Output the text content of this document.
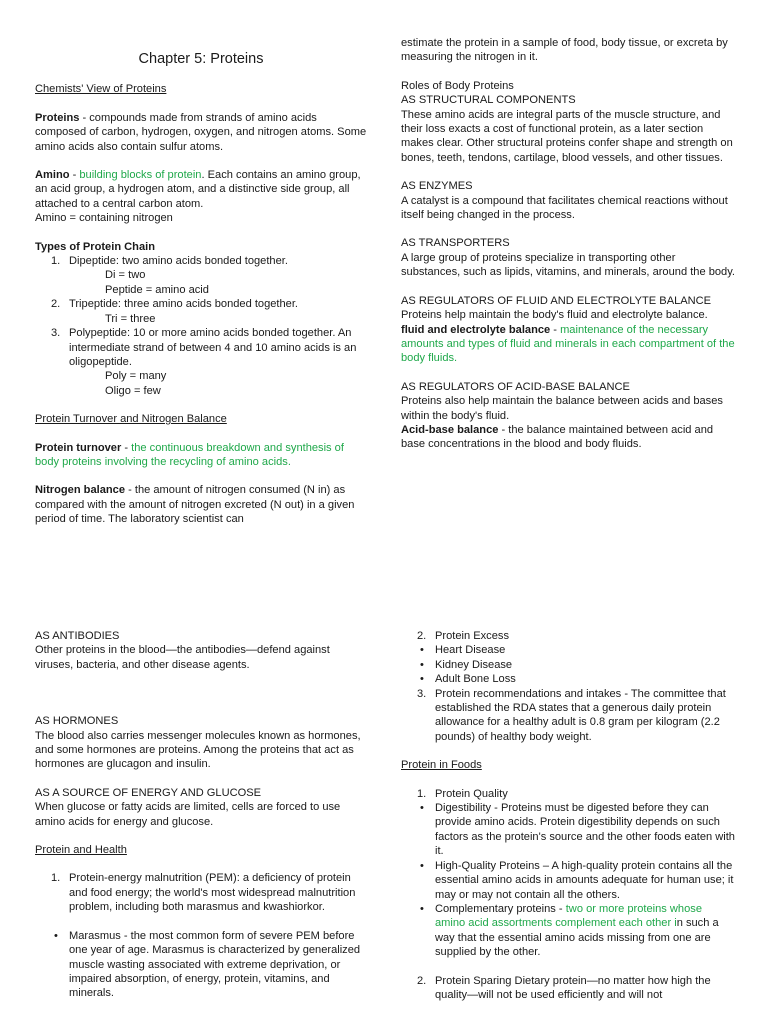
Chapter 5: Proteins

Chemists' View of Proteins

Proteins - compounds made from strands of amino acids composed of carbon, hydrogen, oxygen, and nitrogen atoms. Some amino acids also contain sulfur atoms.

Amino - building blocks of protein. Each contains an amino group, an acid group, a hydrogen atom, and a distinctive side group, all attached to a central carbon atom.

Amino = containing nitrogen

Types of Protein Chain

1. Dipeptide: two amino acids bonded together.
Di = two
Peptide = amino acid
2. Tripeptide: three amino acids bonded together.
Tri = three
3. Polypeptide: 10 or more amino acids bonded together. An intermediate strand of between 4 and 10 amino acids is an oligopeptide.
Poly = many
Oligo = few

Protein Turnover and Nitrogen Balance

Protein turnover - the continuous breakdown and synthesis of body proteins involving the recycling of amino acids.

Nitrogen balance - the amount of nitrogen consumed (N in) as compared with the amount of nitrogen excreted (N out) in a given period of time. The laboratory scientist can

estimate the protein in a sample of food, body tissue, or excreta by measuring the nitrogen in it.

Roles of Body Proteins

AS STRUCTURAL COMPONENTS

These amino acids are integral parts of the muscle structure, and their loss exacts a cost of functional protein, as a later section makes clear. Other structural proteins confer shape and strength on bones, teeth, tendons, cartilage, blood vessels, and other tissues.

AS ENZYMES

A catalyst is a compound that facilitates chemical reactions without itself being changed in the process.

AS TRANSPORTERS

A large group of proteins specialize in transporting other substances, such as lipids, vitamins, and minerals, around the body.

AS REGULATORS OF FLUID AND ELECTROLYTE BALANCE

Proteins help maintain the body's fluid and electrolyte balance.

fluid and electrolyte balance - maintenance of the necessary amounts and types of fluid and minerals in each compartment of the body fluids.

AS REGULATORS OF ACID-BASE BALANCE

Proteins also help maintain the balance between acids and bases within the body's fluid.

Acid-base balance - the balance maintained between acid and base concentrations in the blood and body fluids.

AS ANTIBODIES

Other proteins in the blood—the antibodies—defend against viruses, bacteria, and other disease agents.

AS HORMONES

The blood also carries messenger molecules known as hormones, and some hormones are proteins. Among the proteins that act as hormones are glucagon and insulin.

AS A SOURCE OF ENERGY AND GLUCOSE

When glucose or fatty acids are limited, cells are forced to use amino acids for energy and glucose.

Protein and Health

1. Protein-energy malnutrition (PEM): a deficiency of protein and food energy; the world's most widespread malnutrition problem, including both marasmus and kwashiorkor.
• Marasmus - the most common form of severe PEM before one year of age. Marasmus is characterized by generalized muscle wasting associated with extreme deprivation, or impaired absorption, of energy, protein, vitamins, and minerals.
2. Protein Excess
• Heart Disease
• Kidney Disease
• Adult Bone Loss
3. Protein recommendations and intakes - The committee that established the RDA states that a generous daily protein allowance for a healthy adult is 0.8 gram per kilogram (2.2 pounds) of healthy body weight.

Protein in Foods

1. Protein Quality
• Digestibility - Proteins must be digested before they can provide amino acids. Protein digestibility depends on such factors as the protein's source and the other foods eaten with it.
• High-Quality Proteins – A high-quality protein contains all the essential amino acids in amounts adequate for human use; it may or may not contain all the others.
• Complementary proteins - two or more proteins whose amino acid assortments complement each other in such a way that the essential amino acids missing from one are supplied by the other.
2. Protein Sparing Dietary protein—no matter how high the quality—will not be used efficiently and will not
